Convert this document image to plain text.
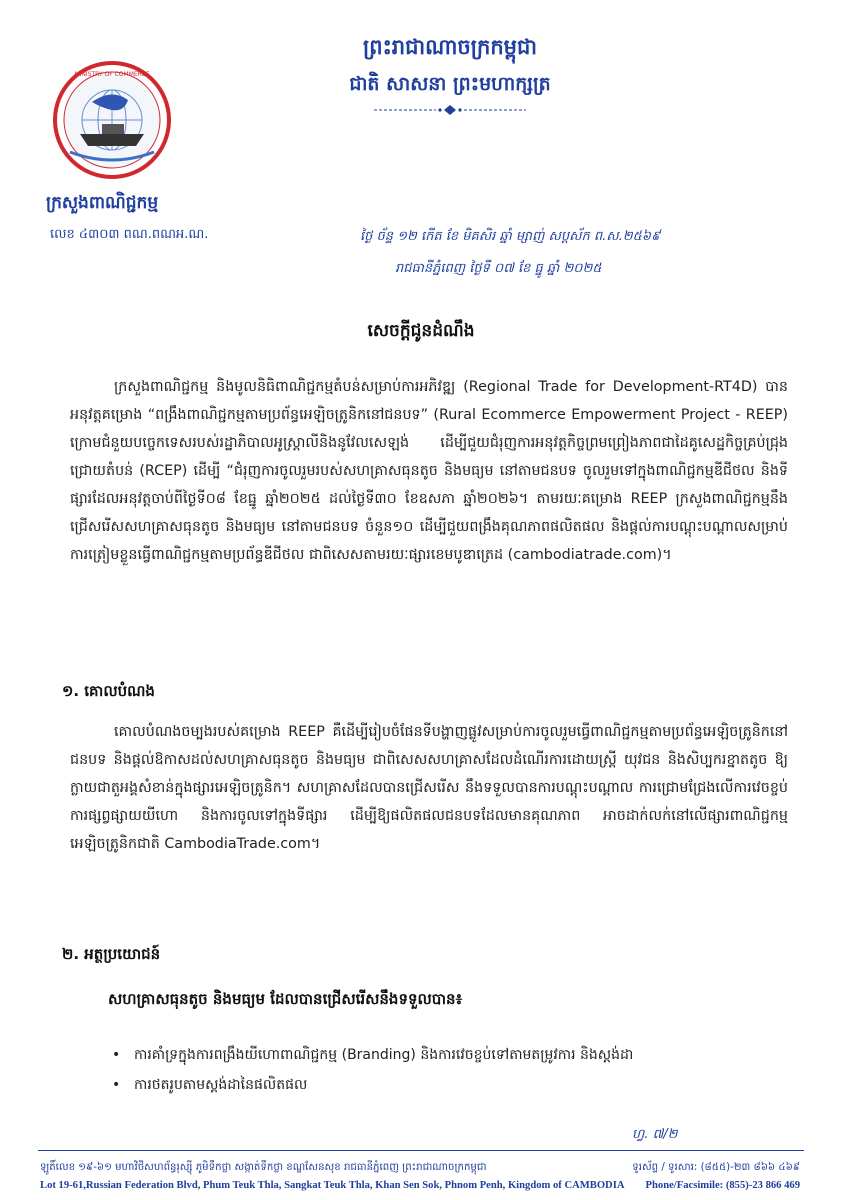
MINISTRY OF COMMERCE
ព្រះរាជាណាចក្រកម្ពុជា
ជាតិ សាសនា ព្រះមហាក្សត្រ
ក្រសួងពាណិជ្ជកម្ម
លេខ ៤៣០៣ ពណ.ពណអ.ណ.	ថ្ងៃ ច័ន្ទ ១២ កើត ខែ មិគសិរ ឆ្នាំ ម្សាញ់ សប្តស័ក ព.ស.២៥៦៩
រាជធានីភ្នំពេញ ថ្ងៃទី ០៧ ខែ ធ្នូ ឆ្នាំ ២០២៥
សេចក្តីជូនដំណឹង
ក្រសួងពាណិជ្ជកម្ម និងមូលនិធិពាណិជ្ជកម្មតំបន់សម្រាប់ការអភិវឌ្ឍ (Regional Trade for Development-RT4D) បានអនុវត្តគម្រោង “ពង្រឹងពាណិជ្ជកម្មតាមប្រព័ន្ធអេឡិចត្រូនិកនៅជនបទ” (Rural Ecommerce Empowerment Project - REEP) ក្រោមជំនួយបច្ចេកទេសរបស់រដ្ឋាភិបាលអូស្ត្រាលីនិងនូវែលសេឡង់ ដើម្បីជួយជំរុញការអនុវត្តកិច្ចព្រមព្រៀងភាពជាដៃគូសេដ្ឋកិច្ចគ្រប់ជ្រុងជ្រោយតំបន់ (RCEP) ដើម្បី “ជំរុញការចូលរួមរបស់សហគ្រាសធុនតូច និងមធ្យម នៅតាមជនបទ ចូលរួមទៅក្នុងពាណិជ្ជកម្មឌីជីថល និងទីផ្សារដែលអនុវត្តចាប់ពីថ្ងៃទី០៨ ខែធ្នូ ឆ្នាំ២០២៥ ដល់ថ្ងៃទី៣០ ខែឧសភា ឆ្នាំ២០២៦។ តាមរយៈគម្រោង REEP ក្រសួងពាណិជ្ជកម្មនឹងជ្រើសរើសសហគ្រាសធុនតូច និងមធ្យម នៅតាមជនបទ ចំនួន១០ ដើម្បីជួយពង្រឹងគុណភាពផលិតផល និងផ្តល់ការបណ្តុះបណ្តាលសម្រាប់ការត្រៀមខ្លួនធ្វើពាណិជ្ជកម្មតាមប្រព័ន្ធឌីជីថល ជាពិសេសតាមរយៈផ្សារខេមបូឌាត្រេដ (cambodiatrade.com)។
១. គោលបំណង
គោលបំណងចម្បងរបស់គម្រោង REEP គឺដើម្បីរៀបចំផែនទីបង្ហាញផ្លូវសម្រាប់ការចូលរួមធ្វើពាណិជ្ជកម្មតាមប្រព័ន្ធអេឡិចត្រូនិកនៅជនបទ និងផ្តល់ឱកាសដល់សហគ្រាសធុនតូច និងមធ្យម ជាពិសេសសហគ្រាសដែលដំណើរការដោយស្ត្រី យុវជន និងសិប្បករខ្នាតតូច ឱ្យក្លាយជាតួអង្គសំខាន់ក្នុងផ្សារអេឡិចត្រូនិក។ សហគ្រាសដែលបានជ្រើសរើស នឹងទទួលបានការបណ្តុះបណ្តាល ការជ្រោមជ្រែងលើការវេចខ្ចប់ ការផ្សព្វផ្សាយយីហោ និងការចូលទៅក្នុងទីផ្សារ ដើម្បីឱ្យផលិតផលជនបទដែលមានគុណភាព អាចដាក់លក់នៅលើផ្សារពាណិជ្ជកម្មអេឡិចត្រូនិកជាតិ CambodiaTrade.com។
២. អត្ថប្រយោជន៍
សហគ្រាសធុនតូច និងមធ្យម ដែលបានជ្រើសរើសនឹងទទួលបាន៖
• ការគាំទ្រក្នុងការពង្រឹងយីហោពាណិជ្ជកម្ម (Branding) និងការវេចខ្ចប់ទៅតាមតម្រូវការ និងស្តង់ដា
• ការថតរូបតាមស្តង់ដានៃផលិតផល
ហ្វ. ៧/២
ឡូតិ៍លេខ ១៩-៦១ មហាវិថីសហព័ន្ធរុស្ស៊ី ភូមិទឹកថ្លា សង្កាត់ទឹកថ្លា ខណ្ឌសែនសុខ រាជធានីភ្នំពេញ ព្រះរាជាណាចក្រកម្ពុជា	ទូរស័ព្ទ / ទូរសារ: (៨៥៥)-២៣ ៨៦៦ ៤៦៩
Lot 19-61,Russian Federation Blvd, Phum Teuk Thla, Sangkat Teuk Thla, Khan Sen Sok, Phnom Penh, Kingdom of CAMBODIA Phone/Facsimile: (855)-23 866 469
